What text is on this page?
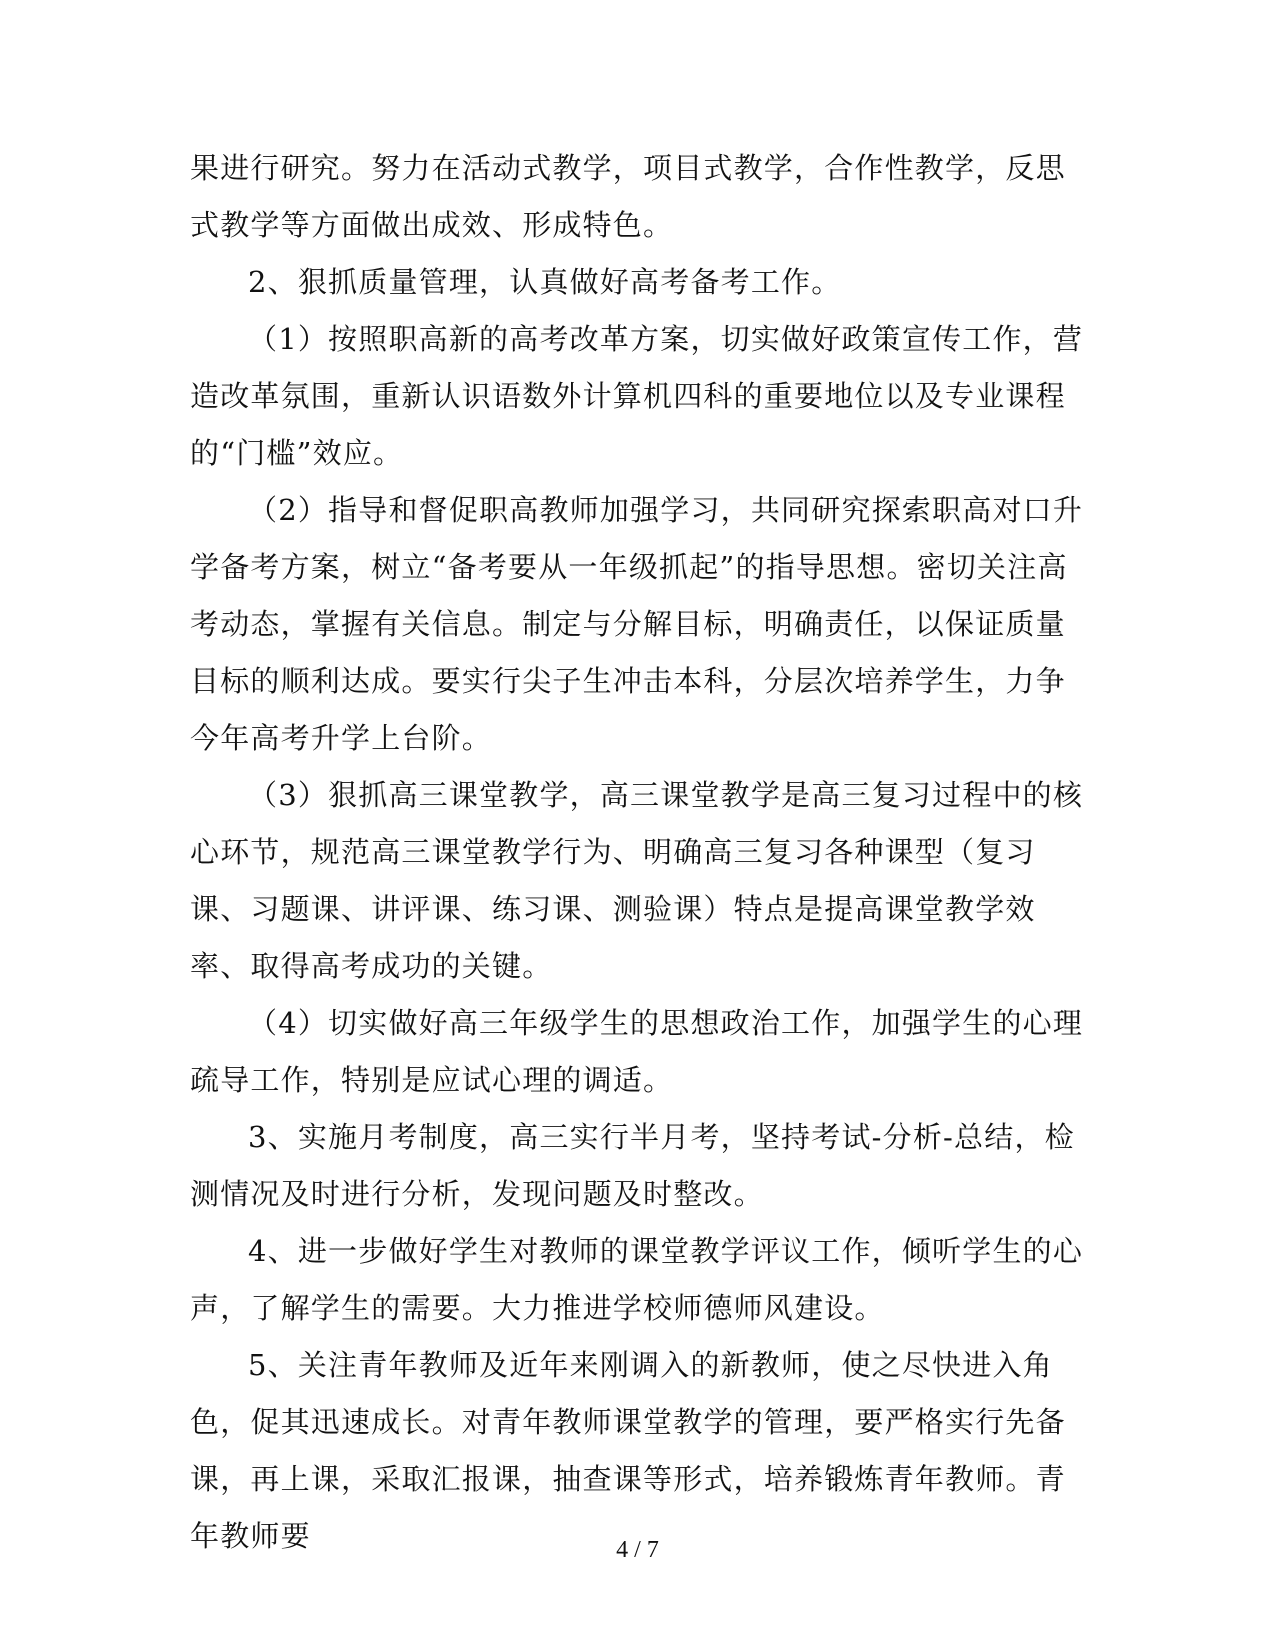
果进行研究。努力在活动式教学，项目式教学，合作性教学，反思式教学等方面做出成效、形成特色。

2、狠抓质量管理，认真做好高考备考工作。

（1）按照职高新的高考改革方案，切实做好政策宣传工作，营造改革氛围，重新认识语数外计算机四科的重要地位以及专业课程的“门槛”效应。

（2）指导和督促职高教师加强学习，共同研究探索职高对口升学备考方案，树立“备考要从一年级抓起”的指导思想。密切关注高考动态，掌握有关信息。制定与分解目标，明确责任，以保证质量目标的顺利达成。要实行尖子生冲击本科，分层次培养学生，力争今年高考升学上台阶。

（3）狠抓高三课堂教学，高三课堂教学是高三复习过程中的核心环节，规范高三课堂教学行为、明确高三复习各种课型（复习课、习题课、讲评课、练习课、测验课）特点是提高课堂教学效率、取得高考成功的关键。

（4）切实做好高三年级学生的思想政治工作，加强学生的心理疏导工作，特别是应试心理的调适。

3、实施月考制度，高三实行半月考，坚持考试-分析-总结，检测情况及时进行分析，发现问题及时整改。

4、进一步做好学生对教师的课堂教学评议工作，倾听学生的心声，了解学生的需要。大力推进学校师德师风建设。

5、关注青年教师及近年来刚调入的新教师，使之尽快进入角色，促其迅速成长。对青年教师课堂教学的管理，要严格实行先备课，再上课，采取汇报课，抽查课等形式，培养锻炼青年教师。青年教师要	4 / 7
